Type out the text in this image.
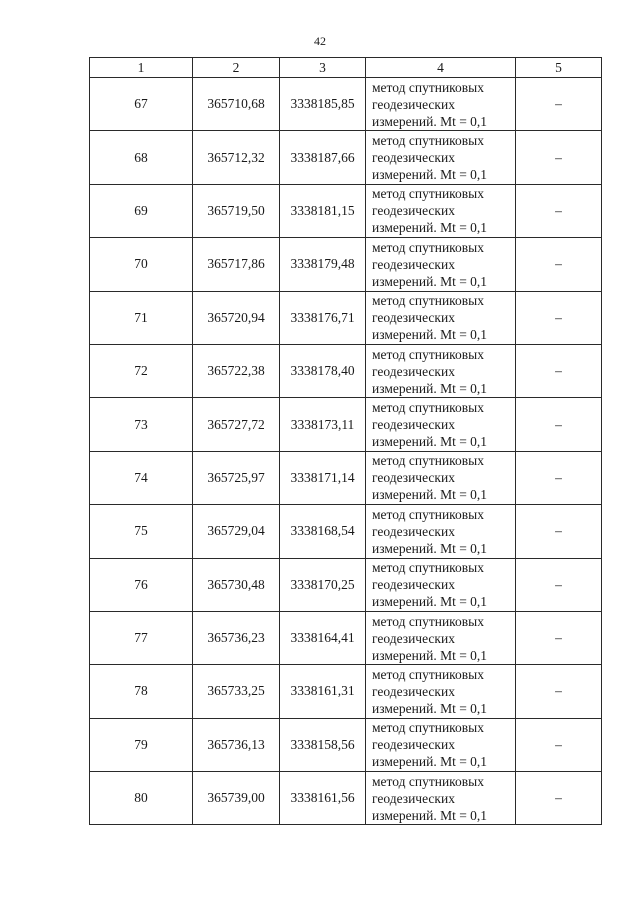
42
1	2	3	4	5
67	365710,68	3338185,85	метод спутниковых
геодезических
измерений. Mt = 0,1	–
68	365712,32	3338187,66	метод спутниковых
геодезических
измерений. Mt = 0,1	–
69	365719,50	3338181,15	метод спутниковых
геодезических
измерений. Mt = 0,1	–
70	365717,86	3338179,48	метод спутниковых
геодезических
измерений. Mt = 0,1	–
71	365720,94	3338176,71	метод спутниковых
геодезических
измерений. Mt = 0,1	–
72	365722,38	3338178,40	метод спутниковых
геодезических
измерений. Mt = 0,1	–
73	365727,72	3338173,11	метод спутниковых
геодезических
измерений. Mt = 0,1	–
74	365725,97	3338171,14	метод спутниковых
геодезических
измерений. Mt = 0,1	–
75	365729,04	3338168,54	метод спутниковых
геодезических
измерений. Mt = 0,1	–
76	365730,48	3338170,25	метод спутниковых
геодезических
измерений. Mt = 0,1	–
77	365736,23	3338164,41	метод спутниковых
геодезических
измерений. Mt = 0,1	–
78	365733,25	3338161,31	метод спутниковых
геодезических
измерений. Mt = 0,1	–
79	365736,13	3338158,56	метод спутниковых
геодезических
измерений. Mt = 0,1	–
80	365739,00	3338161,56	метод спутниковых
геодезических
измерений. Mt = 0,1	–
